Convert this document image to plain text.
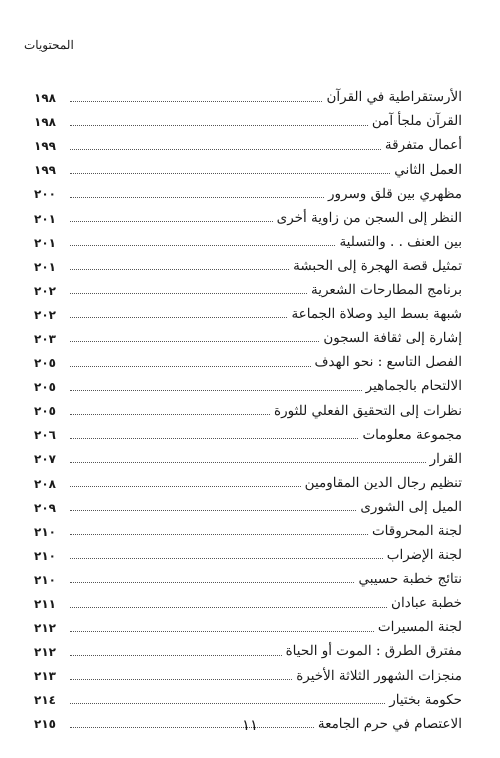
المحتويات
الأرستقراطية في القرآن
١٩٨
القرآن ملجأ آمن
١٩٨
أعمال متفرقة
١٩٩
العمل الثاني
١٩٩
مظهري بين قلق وسرور
٢٠٠
النظر إلى السجن من زاوية أخرى
٢٠١
بين العنف . . والتسلية
٢٠١
تمثيل قصة الهجرة إلى الحبشة
٢٠١
برنامج المطارحات الشعرية
٢٠٢
شبهة بسط اليد وصلاة الجماعة
٢٠٢
إشارة إلى ثقافة السجون
٢٠٣
الفصل التاسع : نحو الهدف
٢٠٥
الالتحام بالجماهير
٢٠٥
نظرات إلى التحقيق الفعلي للثورة
٢٠٥
مجموعة معلومات
٢٠٦
القرار
٢٠٧
تنظيم رجال الدين المقاومين
٢٠٨
الميل إلى الشورى
٢٠٩
لجنة المحروقات
٢١٠
لجنة الإضراب
٢١٠
نتائج خطبة حسيبي
٢١٠
خطبة عبادان
٢١١
لجنة المسيرات
٢١٢
مفترق الطرق : الموت أو الحياة
٢١٢
منجزات الشهور الثلاثة الأخيرة
٢١٣
حكومة بختيار
٢١٤
الاعتصام في حرم الجامعة
٢١٥	١١
